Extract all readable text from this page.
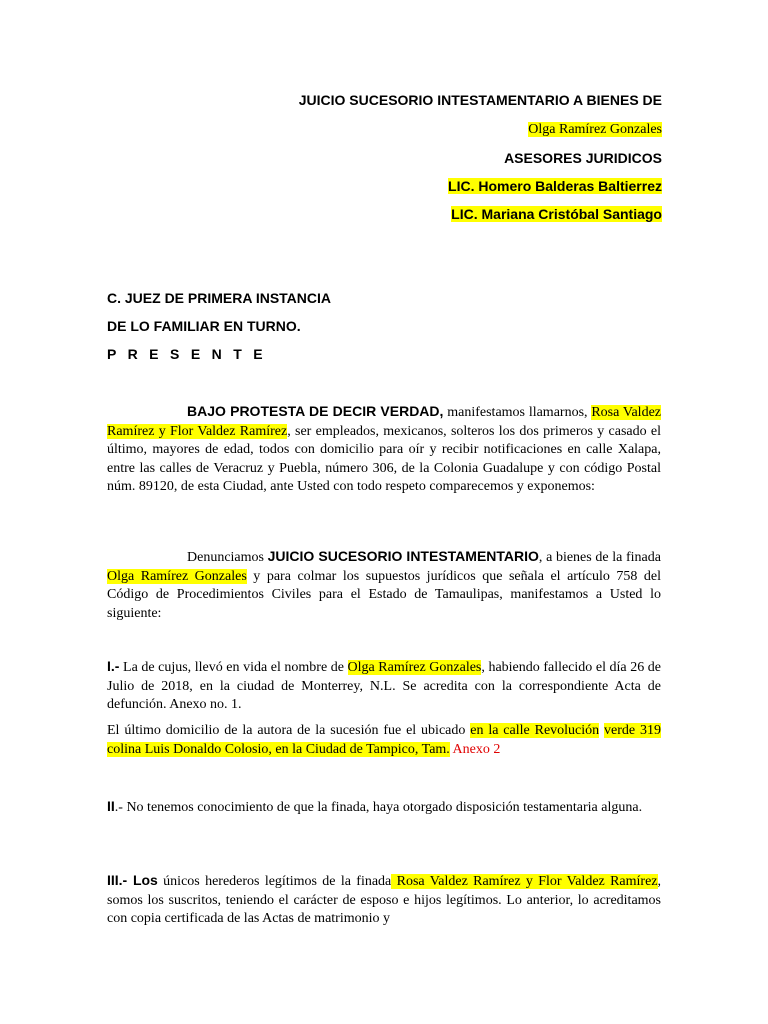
JUICIO SUCESORIO INTESTAMENTARIO A BIENES DE
Olga Ramírez Gonzales
ASESORES JURIDICOS
LIC. Homero Balderas Baltierrez
LIC. Mariana Cristóbal Santiago
C. JUEZ DE PRIMERA INSTANCIA
DE LO FAMILIAR EN TURNO.
P R E S E N T E

BAJO PROTESTA DE DECIR VERDAD, manifestamos llamarnos, Rosa Valdez Ramírez y Flor Valdez Ramírez, ser empleados, mexicanos, solteros los dos primeros y casado el último, mayores de edad, todos con domicilio para oír y recibir notificaciones en calle Xalapa, entre las calles de Veracruz y Puebla, número 306, de la Colonia Guadalupe y con código Postal núm. 89120, de esta Ciudad, ante Usted con todo respeto comparecemos y exponemos:

Denunciamos JUICIO SUCESORIO INTESTAMENTARIO, a bienes de la finada Olga Ramírez Gonzales y para colmar los supuestos jurídicos que señala el artículo 758 del Código de Procedimientos Civiles para el Estado de Tamaulipas, manifestamos a Usted lo siguiente:

I.- La de cujus, llevó en vida el nombre de Olga Ramírez Gonzales, habiendo fallecido el día 26 de Julio de 2018, en la ciudad de Monterrey, N.L. Se acredita con la correspondiente Acta de defunción. Anexo no. 1.

El último domicilio de la autora de la sucesión fue el ubicado en la calle Revolución verde 319 colina Luis Donaldo Colosio, en la Ciudad de Tampico, Tam. Anexo 2

II.- No tenemos conocimiento de que la finada, haya otorgado disposición testamentaria alguna.

III.- Los únicos herederos legítimos de la finada Rosa Valdez Ramírez y Flor Valdez Ramírez, somos los suscritos, teniendo el carácter de esposo e hijos legítimos. Lo anterior, lo acreditamos con copia certificada de las Actas de matrimonio y
